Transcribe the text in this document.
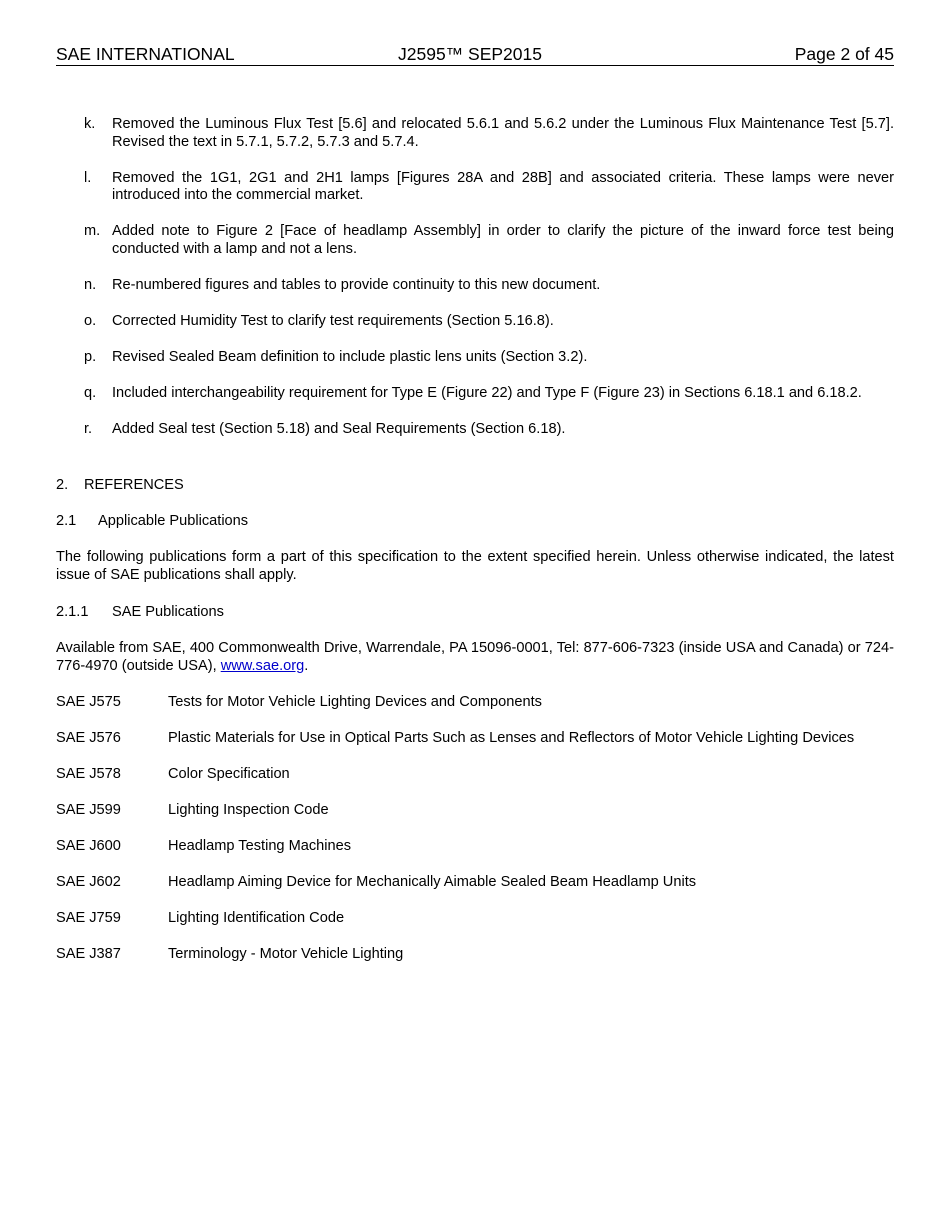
SAE INTERNATIONAL	J2595™ SEP2015	Page 2 of 45
k. Removed the Luminous Flux Test [5.6] and relocated 5.6.1 and 5.6.2 under the Luminous Flux Maintenance Test [5.7]. Revised the text in 5.7.1, 5.7.2, 5.7.3 and 5.7.4.
l. Removed the 1G1, 2G1 and 2H1 lamps [Figures 28A and 28B] and associated criteria. These lamps were never introduced into the commercial market.
m. Added note to Figure 2 [Face of headlamp Assembly] in order to clarify the picture of the inward force test being conducted with a lamp and not a lens.
n. Re-numbered figures and tables to provide continuity to this new document.
o. Corrected Humidity Test to clarify test requirements (Section 5.16.8).
p. Revised Sealed Beam definition to include plastic lens units (Section 3.2).
q. Included interchangeability requirement for Type E (Figure 22) and Type F (Figure 23) in Sections 6.18.1 and 6.18.2.
r. Added Seal test (Section 5.18) and Seal Requirements (Section 6.18).
2. REFERENCES
2.1 Applicable Publications
The following publications form a part of this specification to the extent specified herein. Unless otherwise indicated, the latest issue of SAE publications shall apply.
2.1.1 SAE Publications
Available from SAE, 400 Commonwealth Drive, Warrendale, PA 15096-0001, Tel: 877-606-7323 (inside USA and Canada) or 724-776-4970 (outside USA), www.sae.org.
SAE J575	Tests for Motor Vehicle Lighting Devices and Components
SAE J576	Plastic Materials for Use in Optical Parts Such as Lenses and Reflectors of Motor Vehicle Lighting Devices
SAE J578	Color Specification
SAE J599	Lighting Inspection Code
SAE J600	Headlamp Testing Machines
SAE J602	Headlamp Aiming Device for Mechanically Aimable Sealed Beam Headlamp Units
SAE J759	Lighting Identification Code
SAE J387	Terminology - Motor Vehicle Lighting
